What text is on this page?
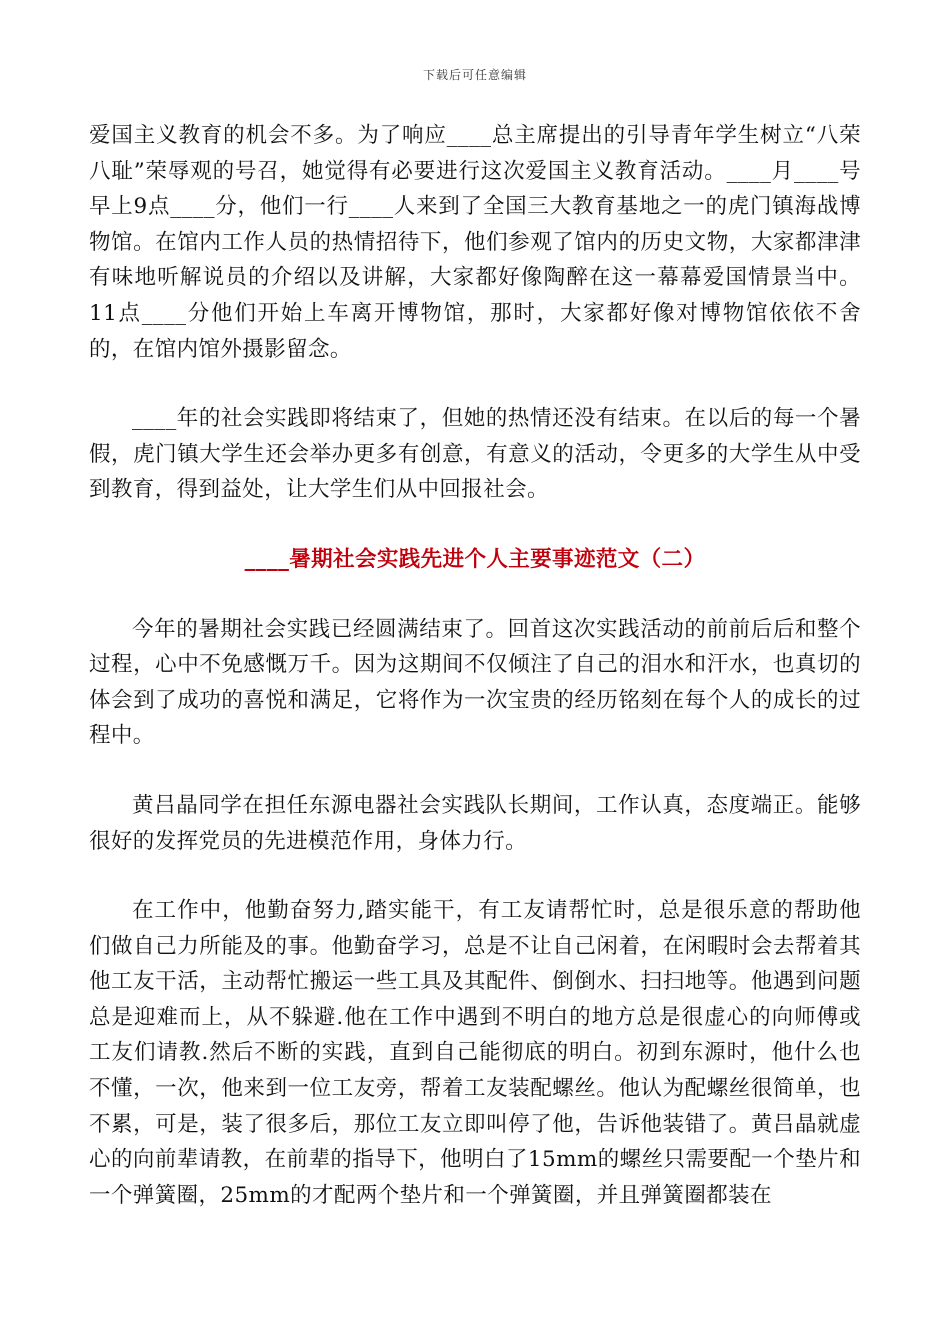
下载后可任意编辑

爱国主义教育的机会不多。为了响应____总主席提出的引导青年学生树立“八荣八耻”荣辱观的号召，她觉得有必要进行这次爱国主义教育活动。____月____号早上9点____分，他们一行____人来到了全国三大教育基地之一的虎门镇海战博物馆。在馆内工作人员的热情招待下，他们参观了馆内的历史文物，大家都津津有味地听解说员的介绍以及讲解，大家都好像陶醉在这一幕幕爱国情景当中。11点____分他们开始上车离开博物馆，那时，大家都好像对博物馆依依不舍的，在馆内馆外摄影留念。

____年的社会实践即将结束了，但她的热情还没有结束。在以后的每一个暑假，虎门镇大学生还会举办更多有创意，有意义的活动，令更多的大学生从中受到教育，得到益处，让大学生们从中回报社会。

____暑期社会实践先进个人主要事迹范文（二）

今年的暑期社会实践已经圆满结束了。回首这次实践活动的前前后后和整个过程，心中不免感慨万千。因为这期间不仅倾注了自己的泪水和汗水，也真切的体会到了成功的喜悦和满足，它将作为一次宝贵的经历铭刻在每个人的成长的过程中。

黄吕晶同学在担任东源电器社会实践队长期间，工作认真，态度端正。能够很好的发挥党员的先进模范作用，身体力行。

在工作中，他勤奋努力,踏实能干，有工友请帮忙时，总是很乐意的帮助他们做自己力所能及的事。他勤奋学习，总是不让自己闲着，在闲暇时会去帮着其他工友干活，主动帮忙搬运一些工具及其配件、倒倒水、扫扫地等。他遇到问题总是迎难而上，从不躲避.他在工作中遇到不明白的地方总是很虚心的向师傅或工友们请教.然后不断的实践，直到自己能彻底的明白。初到东源时，他什么也不懂，一次，他来到一位工友旁，帮着工友装配螺丝。他认为配螺丝很简单，也不累，可是，装了很多后，那位工友立即叫停了他，告诉他装错了。黄吕晶就虚心的向前辈请教，在前辈的指导下，他明白了15mm的螺丝只需要配一个垫片和一个弹簧圈，25mm的才配两个垫片和一个弹簧圈，并且弹簧圈都装在
